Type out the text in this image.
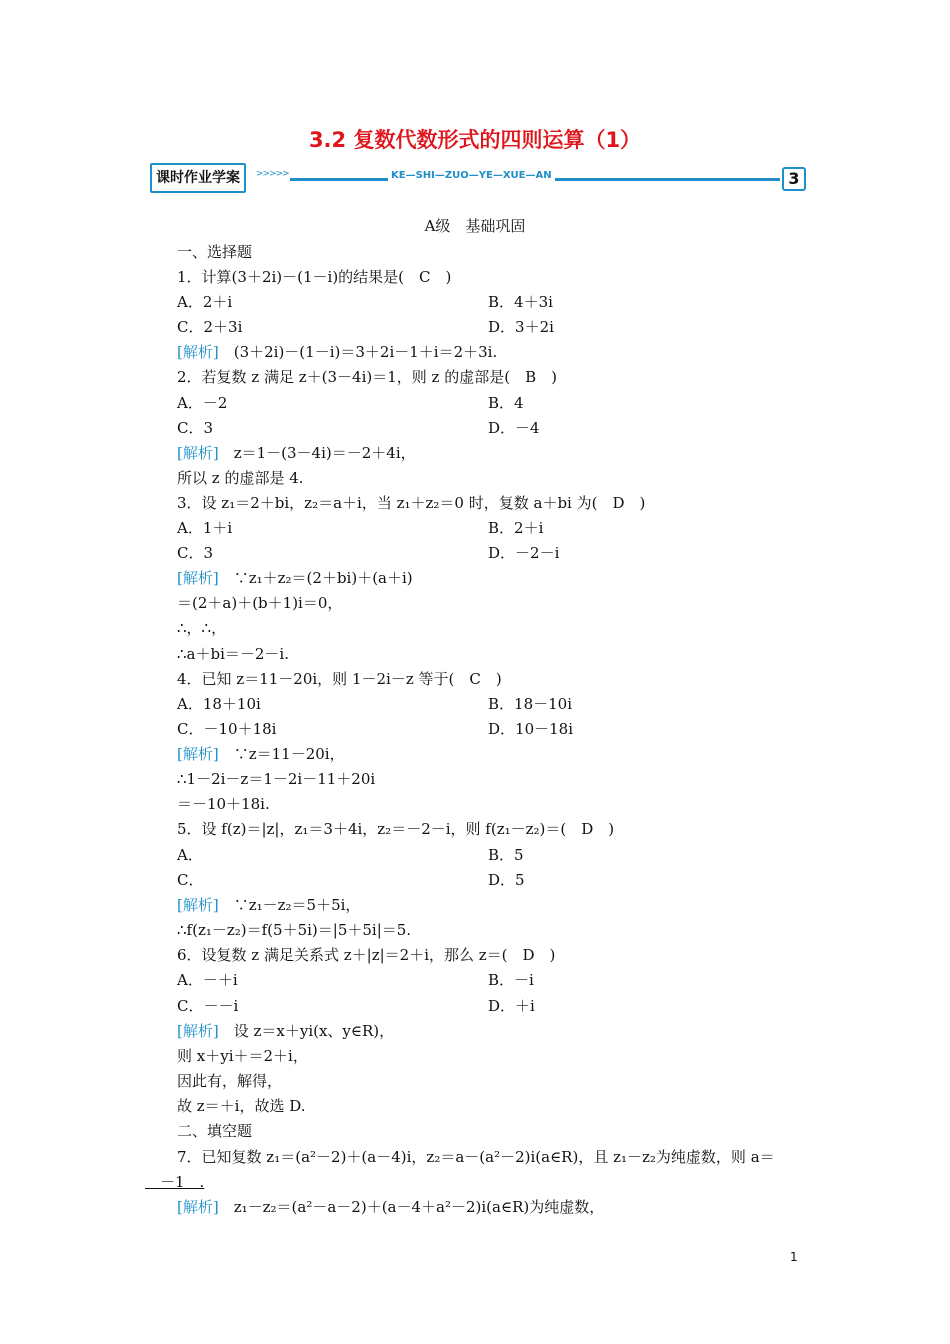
3.2 复数代数形式的四则运算（1）
课时作业学案	>>>>>	KE—SHI—ZUO—YE—XUE—AN	3
A级　基础巩固
一、选择题
1．计算(3＋2i)－(1－i)的结果是(　C　)
A．2＋i	B．4＋3i
C．2＋3i	D．3＋2i
[解析]　(3＋2i)－(1－i)＝3＋2i－1＋i＝2＋3i.
2．若复数 z 满足 z＋(3－4i)＝1，则 z 的虚部是(　B　)
A．－2	B．4
C．3	D．－4
[解析]　z＝1－(3－4i)＝－2＋4i，
所以 z 的虚部是 4.
3．设 z₁＝2＋bi，z₂＝a＋i，当 z₁＋z₂＝0 时，复数 a＋bi 为(　D　)
A．1＋i	B．2＋i
C．3	D．－2－i
[解析]　∵z₁＋z₂＝(2＋bi)＋(a＋i)
＝(2＋a)＋(b＋1)i＝0，
∴，∴，
∴a＋bi＝－2－i.
4．已知 z＝11－20i，则 1－2i－z 等于(　C　)
A．18＋10i	B．18－10i
C．－10＋18i	D．10－18i
[解析]　∵z＝11－20i，
∴1－2i－z＝1－2i－11＋20i
＝－10＋18i.
5．设 f(z)＝|z|，z₁＝3＋4i，z₂＝－2－i，则 f(z₁－z₂)＝(　D　)
A．	B．5
C．	D．5
[解析]　∵z₁－z₂＝5＋5i，
∴f(z₁－z₂)＝f(5＋5i)＝|5＋5i|＝5.
6．设复数 z 满足关系式 z＋|z|＝2＋i，那么 z＝(　D　)
A．－＋i	B．－i
C．－－i	D．＋i
[解析]　设 z＝x＋yi(x、y∈R)，
则 x＋yi＋＝2＋i，
因此有，解得，
故 z＝＋i，故选 D.
二、填空题
7．已知复数 z₁＝(a²－2)＋(a－4)i，z₂＝a－(a²－2)i(a∈R)，且 z₁－z₂为纯虚数，则 a＝
　－1　.
[解析]　z₁－z₂＝(a²－a－2)＋(a－4＋a²－2)i(a∈R)为纯虚数，
1
